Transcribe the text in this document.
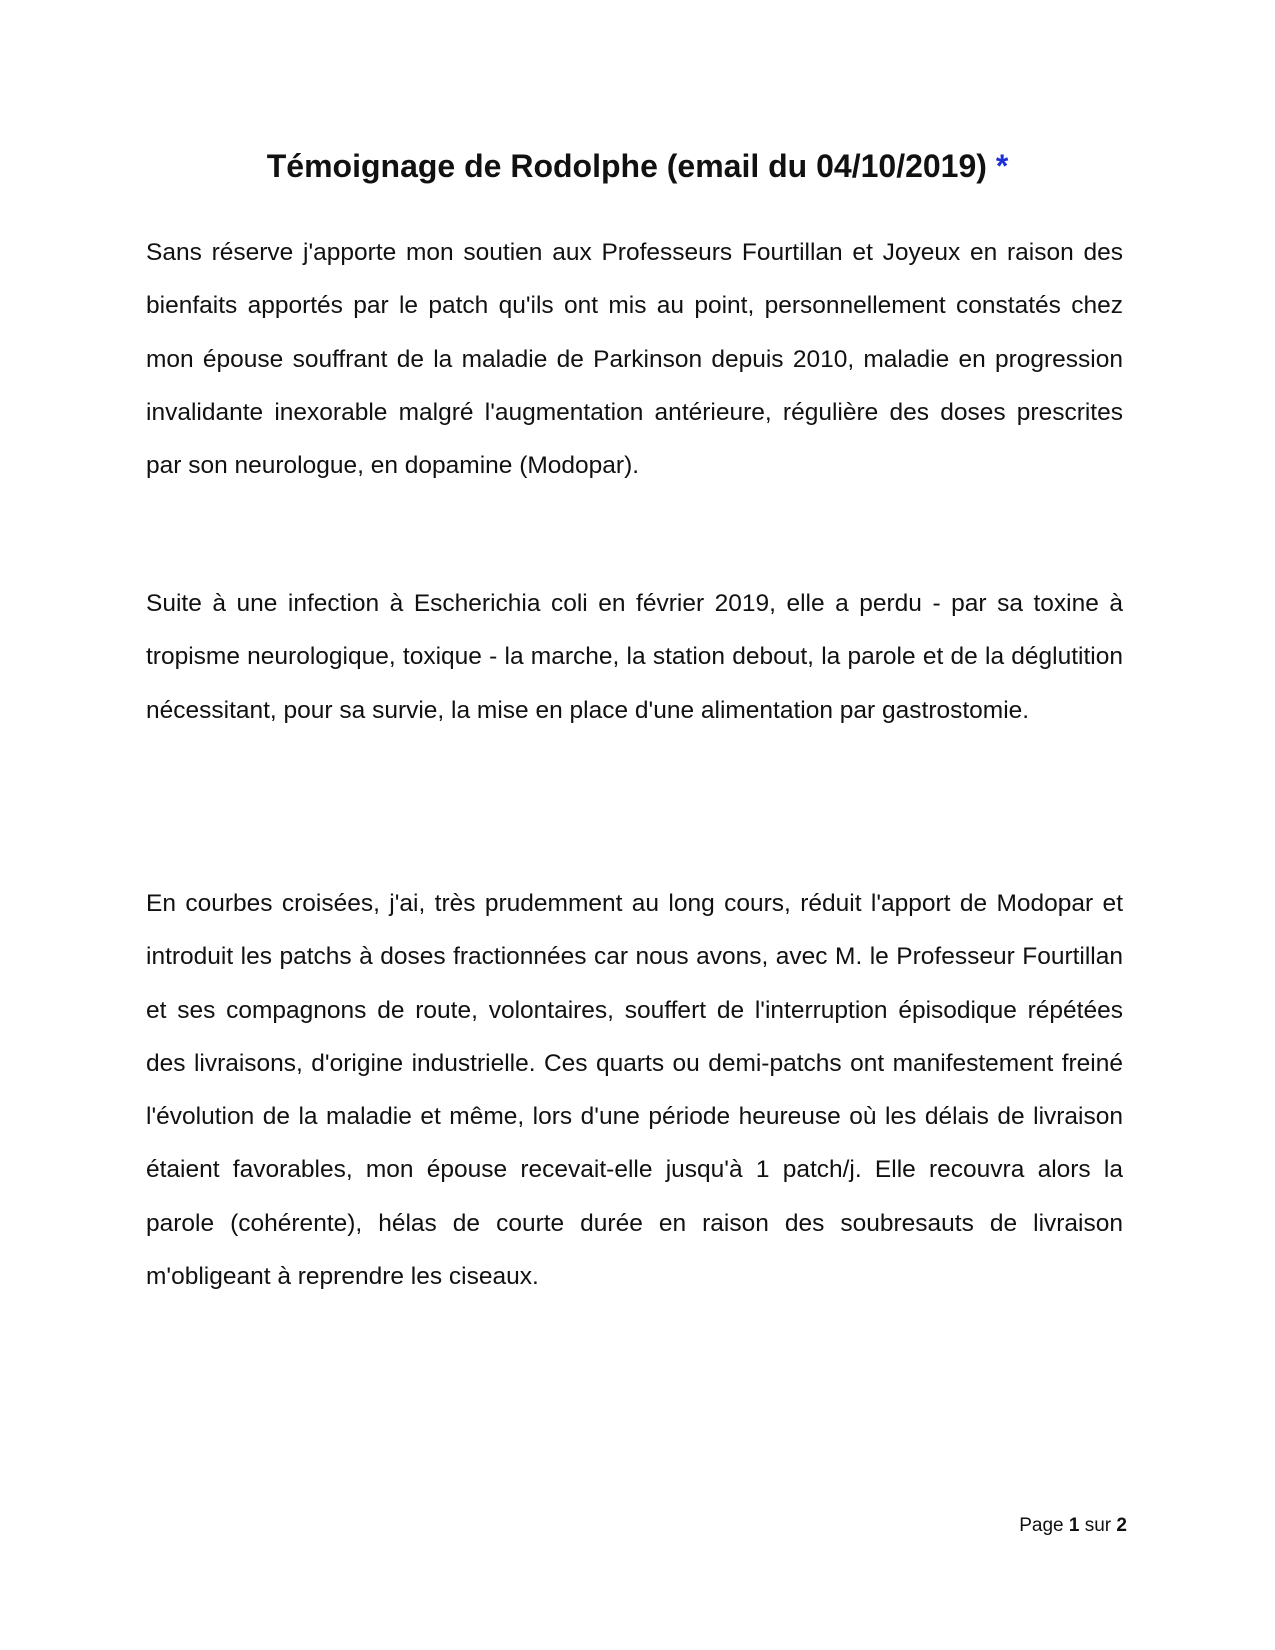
Témoignage de Rodolphe (email du 04/10/2019) *

Sans réserve j'apporte mon soutien aux Professeurs Fourtillan et Joyeux en raison des bienfaits apportés par le patch qu'ils ont mis au point, personnellement constatés chez mon épouse souffrant de la maladie de Parkinson depuis 2010, maladie en progression invalidante inexorable malgré l'augmentation antérieure, régulière des doses prescrites par son neurologue, en dopamine (Modopar).

Suite à une infection à Escherichia coli en février 2019, elle a perdu - par sa toxine à tropisme neurologique, toxique - la marche, la station debout, la parole et de la déglutition nécessitant, pour sa survie, la mise en place d'une alimentation par gastrostomie.

En courbes croisées, j'ai, très prudemment au long cours, réduit l'apport de Modopar et introduit les patchs à doses fractionnées car nous avons, avec M. le Professeur Fourtillan et ses compagnons de route, volontaires, souffert de l'interruption épisodique répétées des livraisons, d'origine industrielle. Ces quarts ou demi-patchs ont manifestement freiné l'évolution de la maladie et même, lors d'une période heureuse où les délais de livraison étaient favorables, mon épouse recevait-elle jusqu'à 1 patch/j. Elle recouvra alors la parole (cohérente), hélas de courte durée en raison des soubresauts de livraison m'obligeant à reprendre les ciseaux.

Page 1 sur 2
